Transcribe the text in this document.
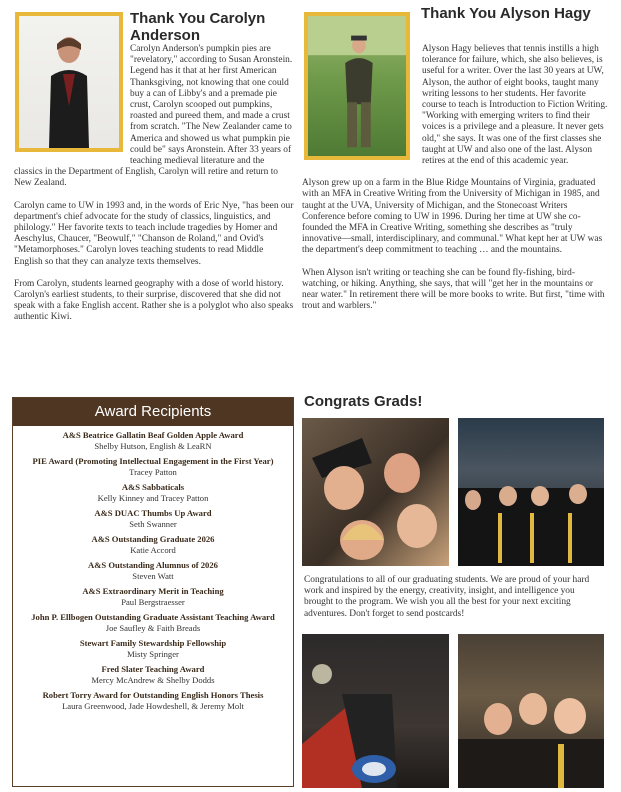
Thank You Carolyn Anderson

Carolyn Anderson's pumpkin pies are "revelatory," according to Susan Aronstein. Legend has it that at her first American Thanksgiving, not knowing that one could buy a can of Libby's and a premade pie crust, Carolyn scooped out pumpkins, roasted and pureed them, and made a crust from scratch. "The New Zealander came to America and showed us what pumpkin pie could be" says Aronstein. After 33 years of teaching medieval literature and the classics in the Department of English, Carolyn will retire and return to New Zealand.

Carolyn came to UW in 1993 and, in the words of Eric Nye, "has been our department's chief advocate for the study of classics, linguistics, and philology." Her favorite texts to teach include tragedies by Homer and Aeschylus, Chaucer, "Beowulf," "Chanson de Roland," and Ovid's "Metamorphoses." Carolyn loves teaching students to read Middle English so that they can analyze texts themselves.

From Carolyn, students learned geography with a dose of world history. Carolyn's earliest students, to their surprise, discovered that she did not speak with a fake English accent. Rather she is a polyglot who also speaks authentic Kiwi.

Thank You Alyson Hagy

Alyson Hagy believes that tennis instills a high tolerance for failure, which, she also believes, is useful for a writer. Over the last 30 years at UW, Alyson, the author of eight books, taught many writing lessons to her students. Her favorite course to teach is Introduction to Fiction Writing. "Working with emerging writers to find their voices is a privilege and a pleasure. It never gets old," she says. It was one of the first classes she taught at UW and also one of the last. Alyson retires at the end of this academic year.

Alyson grew up on a farm in the Blue Ridge Mountains of Virginia, graduated with an MFA in Creative Writing from the University of Michigan in 1985, and taught at the UVA, University of Michigan, and the Stonecoast Writers Conference before coming to UW in 1996. During her time at UW she co-founded the MFA in Creative Writing, something she describes as "truly innovative—small, interdisciplinary, and communal." What kept her at UW was the department's deep commitment to teaching … and the mountains.

When Alyson isn't writing or teaching she can be found fly-fishing, bird-watching, or hiking. Anything, she says, that will "get her in the mountains or near water." In retirement there will be more books to write. But first, "time with trout and warblers."

Award Recipients
A&S Beatrice Gallatin Beaf Golden Apple Award
Shelby Hutson, English & LeaRN
PIE Award (Promoting Intellectual Engagement in the First Year)
Tracey Patton
A&S Sabbaticals
Kelly Kinney and Tracey Patton
A&S DUAC Thumbs Up Award
Seth Swanner
A&S Outstanding Graduate 2026
Katie Accord
A&S Outstanding Alumnus of 2026
Steven Watt
A&S Extraordinary Merit in Teaching
Paul Bergstraesser
John P. Ellbogen Outstanding Graduate Assistant Teaching Award
Joe Saufley & Faith Breads
Stewart Family Stewardship Fellowship
Misty Springer
Fred Slater Teaching Award
Mercy McAndrew & Shelby Dodds
Robert Torry Award for Outstanding English Honors Thesis
Laura Greenwood, Jade Howdeshell, & Jeremy Molt
Congrats Grads!

Congratulations to all of our graduating students. We are proud of your hard work and inspired by the energy, creativity, insight, and intelligence you brought to the program. We wish you all the best for your next exciting adventures. Don't forget to send postcards!
